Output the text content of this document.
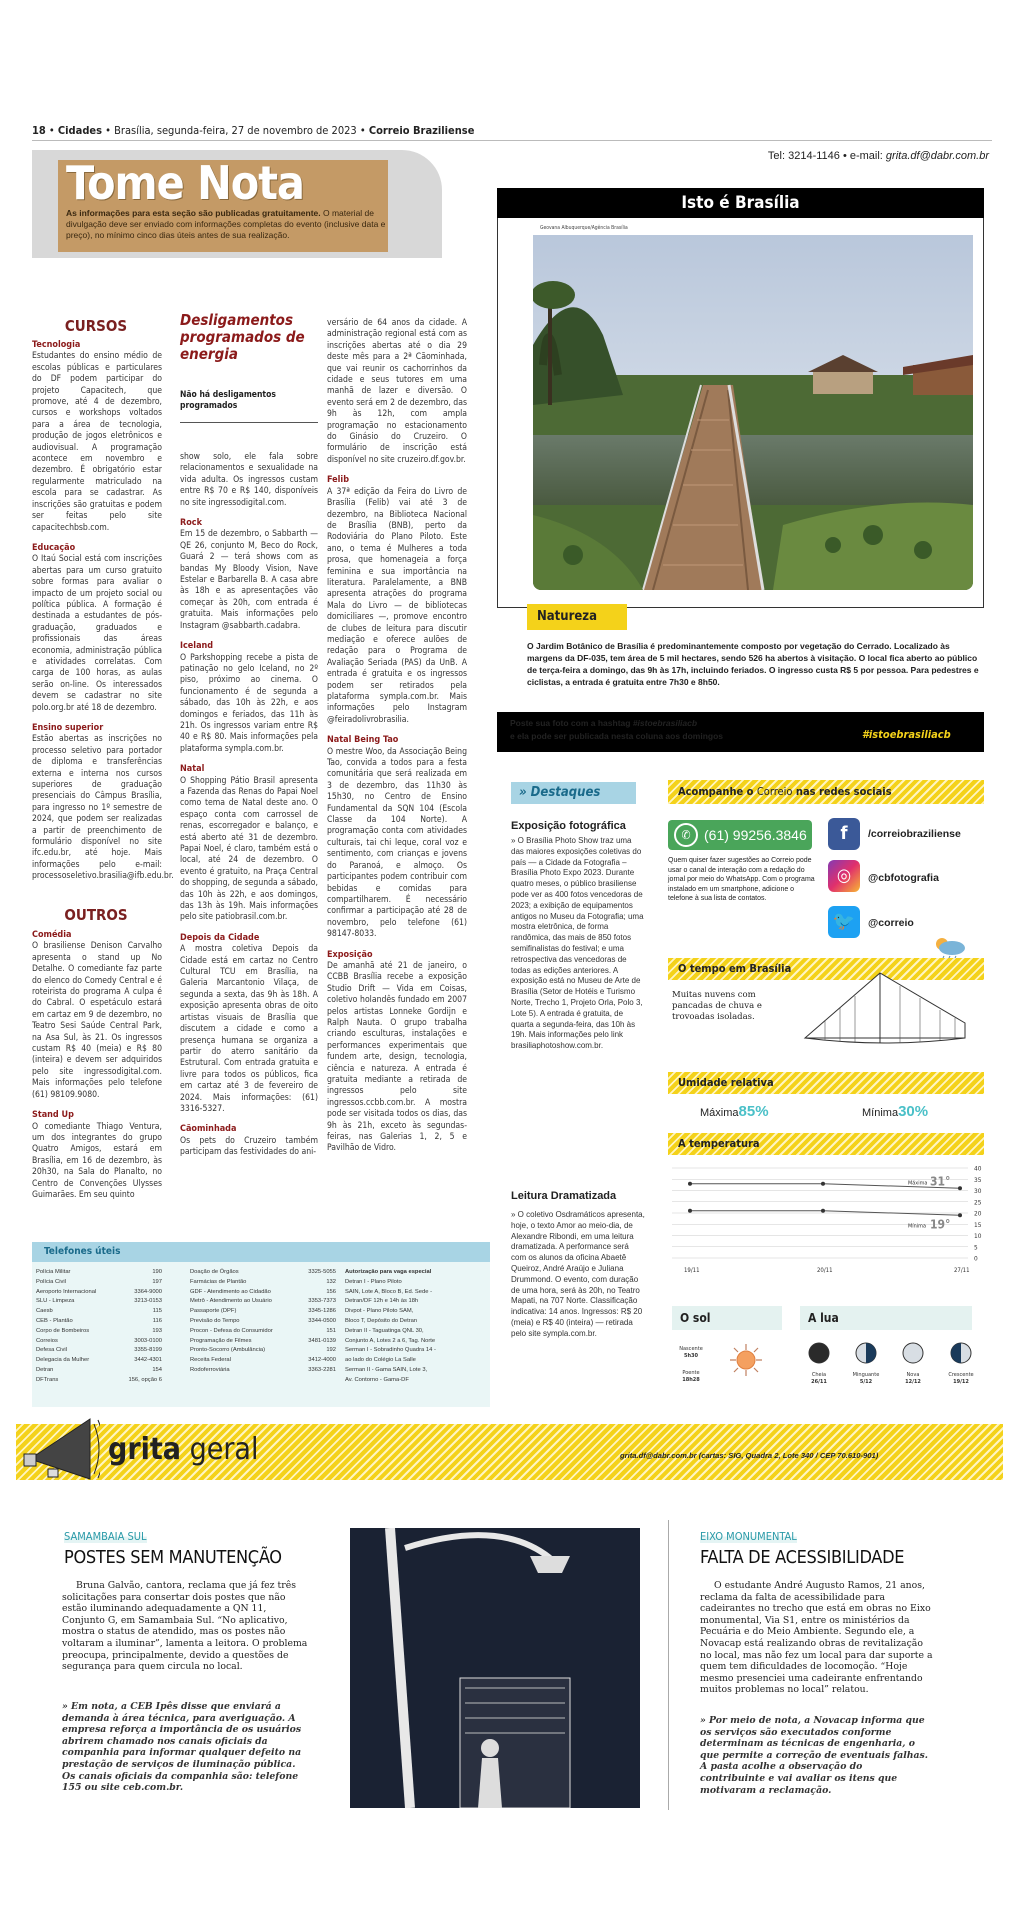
18 • Cidades • Brasília, segunda-feira, 27 de novembro de 2023 • Correio Braziliense
Tel: 3214-1146 • e-mail: grita.df@dabr.com.br
Tome Nota
As informações para esta seção são publicadas gratuitamente. O material de divulgação deve ser enviado com informações completas do evento (inclusive data e preço), no mínimo cinco dias úteis antes de sua realização.
CURSOS
Tecnologia

Estudantes do ensino médio de escolas públicas e particulares do DF podem participar do projeto Capacitech, que promove, até 4 de dezembro, cursos e workshops voltados para a área de tecnologia, produção de jogos eletrônicos e audiovisual. A programação acontece em novembro e dezembro. É obrigatório estar regularmente matriculado na escola para se cadastrar. As inscrições são gratuitas e podem ser feitas pelo site capacitechbsb.com.

Educação

O Itaú Social está com inscrições abertas para um curso gratuito sobre formas para avaliar o impacto de um projeto social ou política pública. A formação é destinada a estudantes de pós-graduação, graduados e profissionais das áreas economia, administração pública e atividades correlatas. Com carga de 100 horas, as aulas serão on-line. Os interessados devem se cadastrar no site polo.org.br até 18 de dezembro.

Ensino superior

Estão abertas as inscrições no processo seletivo para portador de diploma e transferências externa e interna nos cursos superiores de graduação presenciais do Câmpus Brasília, para ingresso no 1º semestre de 2024, que podem ser realizadas a partir de preenchimento de formulário disponível no site ifc.edu.br, até hoje. Mais informações pelo e-mail: processoseletivo.brasilia@ifb.edu.br.

OUTROS
Comédia

O brasiliense Denison Carvalho apresenta o stand up No Detalhe. O comediante faz parte do elenco do Comedy Central e é roteirista do programa A culpa é do Cabral. O espetáculo estará em cartaz em 9 de dezembro, no Teatro Sesi Saúde Central Park, na Asa Sul, às 21. Os ingressos custam R$ 40 (meia) e R$ 80 (inteira) e devem ser adquiridos pelo site ingressodigital.com. Mais informações pelo telefone (61) 98109.9080.

Stand Up

O comediante Thiago Ventura, um dos integrantes do grupo Quatro Amigos, estará em Brasília, em 16 de dezembro, às 20h30, na Sala do Planalto, no Centro de Convenções Ulysses Guimarães. Em seu quinto

Desligamentos programados de energia
Não há desligamentos programados

show solo, ele fala sobre relacionamentos e sexualidade na vida adulta. Os ingressos custam entre R$ 70 e R$ 140, disponíveis no site ingressodigital.com.

Rock

Em 15 de dezembro, o Sabbarth — QE 26, conjunto M, Beco do Rock, Guará 2 — terá shows com as bandas My Bloody Vision, Nave Estelar e Barbarella B. A casa abre às 18h e as apresentações vão começar às 20h, com entrada é gratuita. Mais informações pelo Instagram @sabbarth.cadabra.

Iceland

O Parkshopping recebe a pista de patinação no gelo Iceland, no 2º piso, próximo ao cinema. O funcionamento é de segunda a sábado, das 10h às 22h, e aos domingos e feriados, das 11h às 21h. Os ingressos variam entre R$ 40 e R$ 80. Mais informações pela plataforma sympla.com.br.

Natal

O Shopping Pátio Brasil apresenta a Fazenda das Renas do Papai Noel como tema de Natal deste ano. O espaço conta com carrossel de renas, escorregador e balanço, e está aberto até 31 de dezembro. Papai Noel, é claro, também está o local, até 24 de dezembro. O evento é gratuito, na Praça Central do shopping, de segunda a sábado, das 10h às 22h, e aos domingos, das 13h às 19h. Mais informações pelo site patiobrasil.com.br.

Depois da Cidade

A mostra coletiva Depois da Cidade está em cartaz no Centro Cultural TCU em Brasília, na Galeria Marcantonio Vilaça, de segunda a sexta, das 9h às 18h. A exposição apresenta obras de oito artistas visuais de Brasília que discutem a cidade e como a presença humana se organiza a partir do aterro sanitário da Estrutural. Com entrada gratuita e livre para todos os públicos, fica em cartaz até 3 de fevereiro de 2024. Mais informações: (61) 3316-5327.

Cãominhada

Os pets do Cruzeiro também participam das festividades do ani-

versário de 64 anos da cidade. A administração regional está com as inscrições abertas até o dia 29 deste mês para a 2ª Cãominhada, que vai reunir os cachorrinhos da cidade e seus tutores em uma manhã de lazer e diversão. O evento será em 2 de dezembro, das 9h às 12h, com ampla programação no estacionamento do Ginásio do Cruzeiro. O formulário de inscrição está disponível no site cruzeiro.df.gov.br.

Felib

A 37ª edição da Feira do Livro de Brasília (Felib) vai até 3 de dezembro, na Biblioteca Nacional de Brasília (BNB), perto da Rodoviária do Plano Piloto. Este ano, o tema é Mulheres a toda prosa, que homenageia a força feminina e sua importância na literatura. Paralelamente, a BNB apresenta atrações do programa Mala do Livro — de bibliotecas domiciliares —, promove encontro de clubes de leitura para discutir mediação e oferece aulões de redação para o Programa de Avaliação Seriada (PAS) da UnB. A entrada é gratuita e os ingressos podem ser retirados pela plataforma sympla.com.br. Mais informações pelo Instagram @feiradolivrobrasilia.

Natal Being Tao

O mestre Woo, da Associação Being Tao, convida a todos para a festa comunitária que será realizada em 3 de dezembro, das 11h30 às 15h30, no Centro de Ensino Fundamental da SQN 104 (Escola Classe da 104 Norte). A programação conta com atividades culturais, tai chi leque, coral voz e sentimento, com crianças e jovens do Paranoá, e almoço. Os participantes podem contribuir com bebidas e comidas para compartilharem. É necessário confirmar a participação até 28 de novembro, pelo telefone (61) 98147-8033.

Exposição

De amanhã até 21 de janeiro, o CCBB Brasília recebe a exposição Studio Drift — Vida em Coisas, coletivo holandês fundado em 2007 pelos artistas Lonneke Gordijn e Ralph Nauta. O grupo trabalha criando esculturas, instalações e performances experimentais que fundem arte, design, tecnologia, ciência e natureza. A entrada é gratuita mediante a retirada de ingressos pelo site ingressos.ccbb.com.br. A mostra pode ser visitada todos os dias, das 9h às 21h, exceto às segundas-feiras, nas Galerias 1, 2, 5 e Pavilhão de Vidro.

Isto é Brasília
Geovana Albuquerque/Agência Brasília
Natureza
O Jardim Botânico de Brasília é predominantemente composto por vegetação do Cerrado. Localizado às margens da DF-035, tem área de 5 mil hectares, sendo 526 ha abertos à visitação. O local fica aberto ao público de terça-feira a domingo, das 9h às 17h, incluindo feriados. O ingresso custa R$ 5 por pessoa. Para pedestres e ciclistas, a entrada é gratuita entre 7h30 e 8h50.
Poste sua foto com a hashtag #istoebrasiliacb
e ela pode ser publicada nesta coluna aos domingos	#istoebrasiliacb
» Destaques
Exposição fotográfica
» O Brasília Photo Show traz uma das maiores exposições coletivas do país — a Cidade da Fotografia – Brasília Photo Expo 2023. Durante quatro meses, o público brasiliense pode ver as 400 fotos vencedoras de 2023; a exibição de equipamentos antigos no Museu da Fotografia; uma mostra eletrônica, de forma randômica, das mais de 850 fotos semifinalistas do festival; e uma retrospectiva das vencedoras de todas as edições anteriores. A exposição está no Museu de Arte de Brasília (Setor de Hotéis e Turismo Norte, Trecho 1, Projeto Orla, Polo 3, Lote 5). A entrada é gratuita, de quarta a segunda-feira, das 10h às 19h. Mais informações pelo link brasiliaphotoshow.com.br.
Leitura Dramatizada
» O coletivo Osdramáticos apresenta, hoje, o texto Amor ao meio-dia, de Alexandre Ribondi, em uma leitura dramatizada. A performance será com os alunos da oficina Abaetê Queiroz, André Araújo e Juliana Drummond. O evento, com duração de uma hora, será às 20h, no Teatro Mapati, na 707 Norte. Classificação indicativa: 14 anos. Ingressos: R$ 20 (meia) e R$ 40 (inteira) — retirada pelo site sympla.com.br.
Acompanhe o Correio nas redes sociais
(61) 99256.3846
✆
Quem quiser fazer sugestões ao Correio pode usar o canal de interação com a redação do jornal por meio do WhatsApp. Com o programa instalado em um smartphone, adicione o telefone à sua lista de contatos.
f	/correiobraziliense
◎	@cbfotografia
🐦	@correio
O tempo em Brasília
Muitas nuvens com pancadas de chuva e trovoadas isoladas.
Umidade relativa
Máxima85%	Mínima30%
A temperatura
0
5
10
15
20
25
30
35
40
Máxima 31°
Mínima 19°
19/11	20/11	27/11
O sol
Nascente
5h30
Poente
18h28
A lua
Cheia
26/11
Minguante
5/12
Nova
12/12
Crescente
19/12
Telefones úteis
Polícia Militar	190
Polícia Civil	197
Aeroporto Internacional	3364-9000
SLU - Limpeza	3213-0153
Caesb	115
CEB - Plantão	116
Corpo de Bombeiros	193
Correios	3003-0100
Defesa Civil	3355-8199
Delegacia da Mulher	3442-4301
Detran	154
DFTrans	156, opção 6
Doação de Órgãos	3325-5055
Farmácias de Plantão	132
GDF - Atendimento ao Cidadão	156
Metrô - Atendimento ao Usuário	3353-7373
Passaporte (DPF)	3345-1286
Previsão do Tempo	3344-0500
Procon - Defesa do Consumidor	151
Programação de Filmes	3481-0139
Pronto-Socorro (Ambulância)	192
Receita Federal	3412-4000
Rodoferroviária	3363-2281
Autorização para vaga especial
Detran I - Plano Piloto
SAIN, Lote A, Bloco B, Ed. Sede -
Detran/DF 12h e 14h às 18h
Divpot - Plano Piloto SAM,
Bloco T, Depósito do Detran
Detran II - Taguatinga QNL 30,
Conjunto A, Lotes 2 a 6, Tag. Norte
Serman I - Sobradinho Quadra 14 -
ao lado do Colégio La Salle
Serman II - Gama SAIN, Lote 3,
Av. Contorno - Gama-DF
grita geral	grita.df@dabr.com.br (cartas: SIG, Quadra 2, Lote 340 / CEP 70.610-901)
SAMAMBAIA SUL
POSTES SEM MANUTENÇÃO
Bruna Galvão, cantora, reclama que já fez três solicitações para consertar dois postes que não estão iluminando adequadamente a QN 11, Conjunto G, em Samambaia Sul. “No aplicativo, mostra o status de atendido, mas os postes não voltaram a iluminar”, lamenta a leitora. O problema preocupa, principalmente, devido a questões de segurança para quem circula no local.
» Em nota, a CEB Ipês disse que enviará a demanda à área técnica, para averiguação. A empresa reforça a importância de os usuários abrirem chamado nos canais oficiais da companhia para informar qualquer defeito na prestação de serviços de iluminação pública. Os canais oficiais da companhia são: telefone 155 ou site ceb.com.br.
EIXO MONUMENTAL
FALTA DE ACESSIBILIDADE
O estudante André Augusto Ramos, 21 anos, reclama da falta de acessibilidade para cadeirantes no trecho que está em obras no Eixo monumental, Via S1, entre os ministérios da Pecuária e do Meio Ambiente. Segundo ele, a Novacap está realizando obras de revitalização no local, mas não fez um local para dar suporte a quem tem dificuldades de locomoção. “Hoje mesmo presenciei uma cadeirante enfrentando muitos problemas no local” relatou.
» Por meio de nota, a Novacap informa que os serviços são executados conforme determinam as técnicas de engenharia, o que permite a correção de eventuais falhas. A pasta acolhe a observação do contribuinte e vai avaliar os itens que motivaram a reclamação.
